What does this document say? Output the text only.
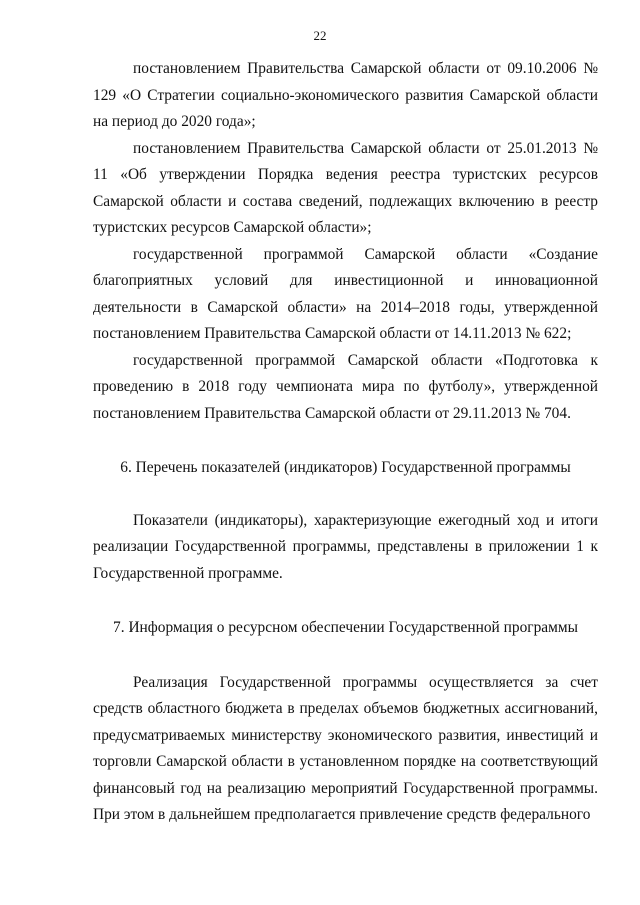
22

постановлением Правительства Самарской области от 09.10.2006 № 129 «О Стратегии социально-экономического развития Самарской области на период до 2020 года»;

постановлением Правительства Самарской области от 25.01.2013 № 11 «Об утверждении Порядка ведения реестра туристских ресурсов Самарской области и состава сведений, подлежащих включению в реестр туристских ресурсов Самарской области»;

государственной программой Самарской области «Создание благоприятных условий для инвестиционной и инновационной деятельности в Самарской области» на 2014–2018 годы, утвержденной постановлением Правительства Самарской области от 14.11.2013 № 622;

государственной программой Самарской области «Подготовка к проведению в 2018 году чемпионата мира по футболу», утвержденной постановлением Правительства Самарской области от 29.11.2013 № 704.

6. Перечень показателей (индикаторов) Государственной программы

Показатели (индикаторы), характеризующие ежегодный ход и итоги реализации Государственной программы, представлены в приложении 1 к Государственной программе.

7. Информация о ресурсном обеспечении Государственной программы

Реализация Государственной программы осуществляется за счет средств областного бюджета в пределах объемов бюджетных ассигнований, предусматриваемых министерству экономического развития, инвестиций и торговли Самарской области в установленном порядке на соответствующий финансовый год на реализацию мероприятий Государственной программы. При этом в дальнейшем предполагается привлечение средств федерального
